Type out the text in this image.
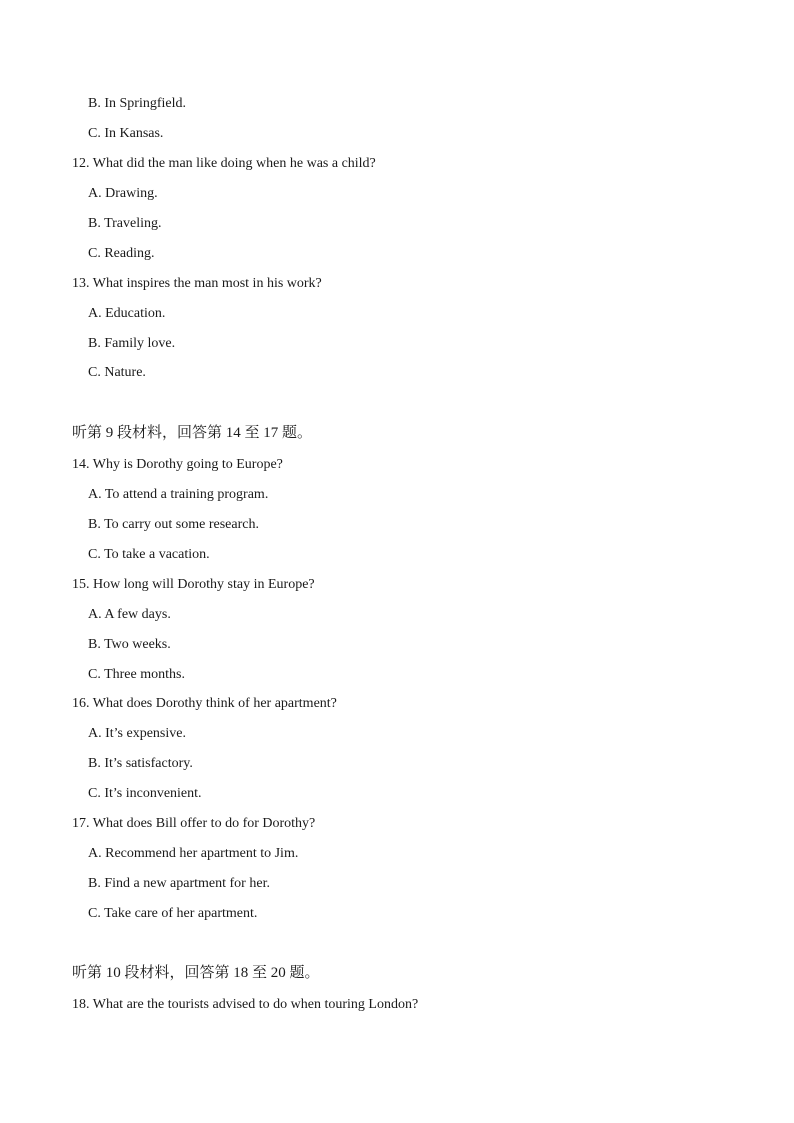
B. In Springfield.
C. In Kansas.
12. What did the man like doing when he was a child?
A. Drawing.
B. Traveling.
C. Reading.
13. What inspires the man most in his work?
A. Education.
B. Family love.
C. Nature.
听第 9 段材料，回答第 14 至 17 题。
14. Why is Dorothy going to Europe?
A. To attend a training program.
B. To carry out some research.
C. To take a vacation.
15. How long will Dorothy stay in Europe?
A. A few days.
B. Two weeks.
C. Three months.
16. What does Dorothy think of her apartment?
A. It’s expensive.
B. It’s satisfactory.
C. It’s inconvenient.
17. What does Bill offer to do for Dorothy?
A. Recommend her apartment to Jim.
B. Find a new apartment for her.
C. Take care of her apartment.
听第 10 段材料，回答第 18 至 20 题。
18. What are the tourists advised to do when touring London?
